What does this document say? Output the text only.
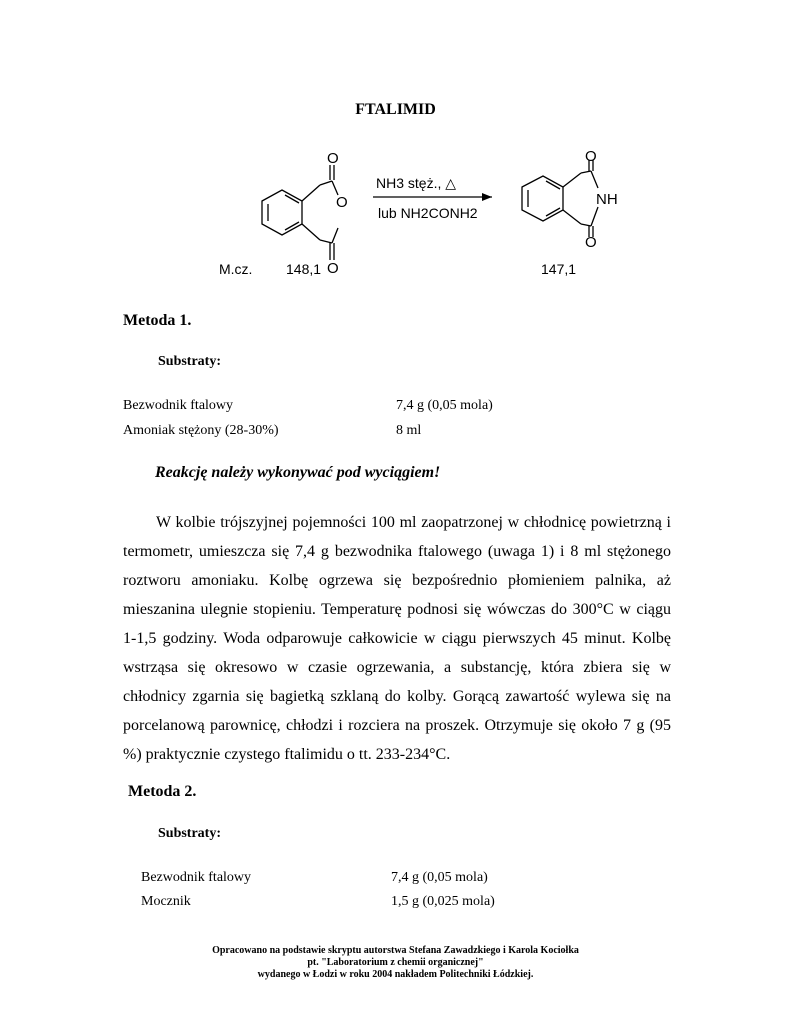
FTALIMID
O
O
O
NH3 stęż., △
lub NH2CONH2
O
NH
O
M.cz. 148,1	147,1
Metoda 1.
Substraty:
Bezwodnik ftalowy	7,4 g (0,05 mola)
Amoniak stężony (28-30%)	8 ml
Reakcję należy wykonywać pod wyciągiem!

W kolbie trójszyjnej pojemności 100 ml zaopatrzonej w chłodnicę powietrzną i termometr, umieszcza się 7,4 g bezwodnika ftalowego (uwaga 1) i 8 ml stężonego roztworu amoniaku. Kolbę ogrzewa się bezpośrednio płomieniem palnika, aż mieszanina ulegnie stopieniu. Temperaturę podnosi się wówczas do 300°C w ciągu 1-1,5 godziny. Woda odparowuje całkowicie w ciągu pierwszych 45 minut. Kolbę wstrząsa się okresowo w czasie ogrzewania, a substancję, która zbiera się w chłodnicy zgarnia się bagietką szklaną do kolby. Gorącą zawartość wylewa się na porcelanową parownicę, chłodzi i rozciera na proszek. Otrzymuje się około 7 g (95 %) praktycznie czystego ftalimidu o tt. 233-234°C.

Metoda 2.
Substraty:
Bezwodnik ftalowy	7,4 g (0,05 mola)
Mocznik	1,5 g (0,025 mola)
Opracowano na podstawie skryptu autorstwa Stefana Zawadzkiego i Karola Kociołka
pt. "Laboratorium z chemii organicznej"
wydanego w Łodzi w roku 2004 nakładem Politechniki Łódzkiej.
